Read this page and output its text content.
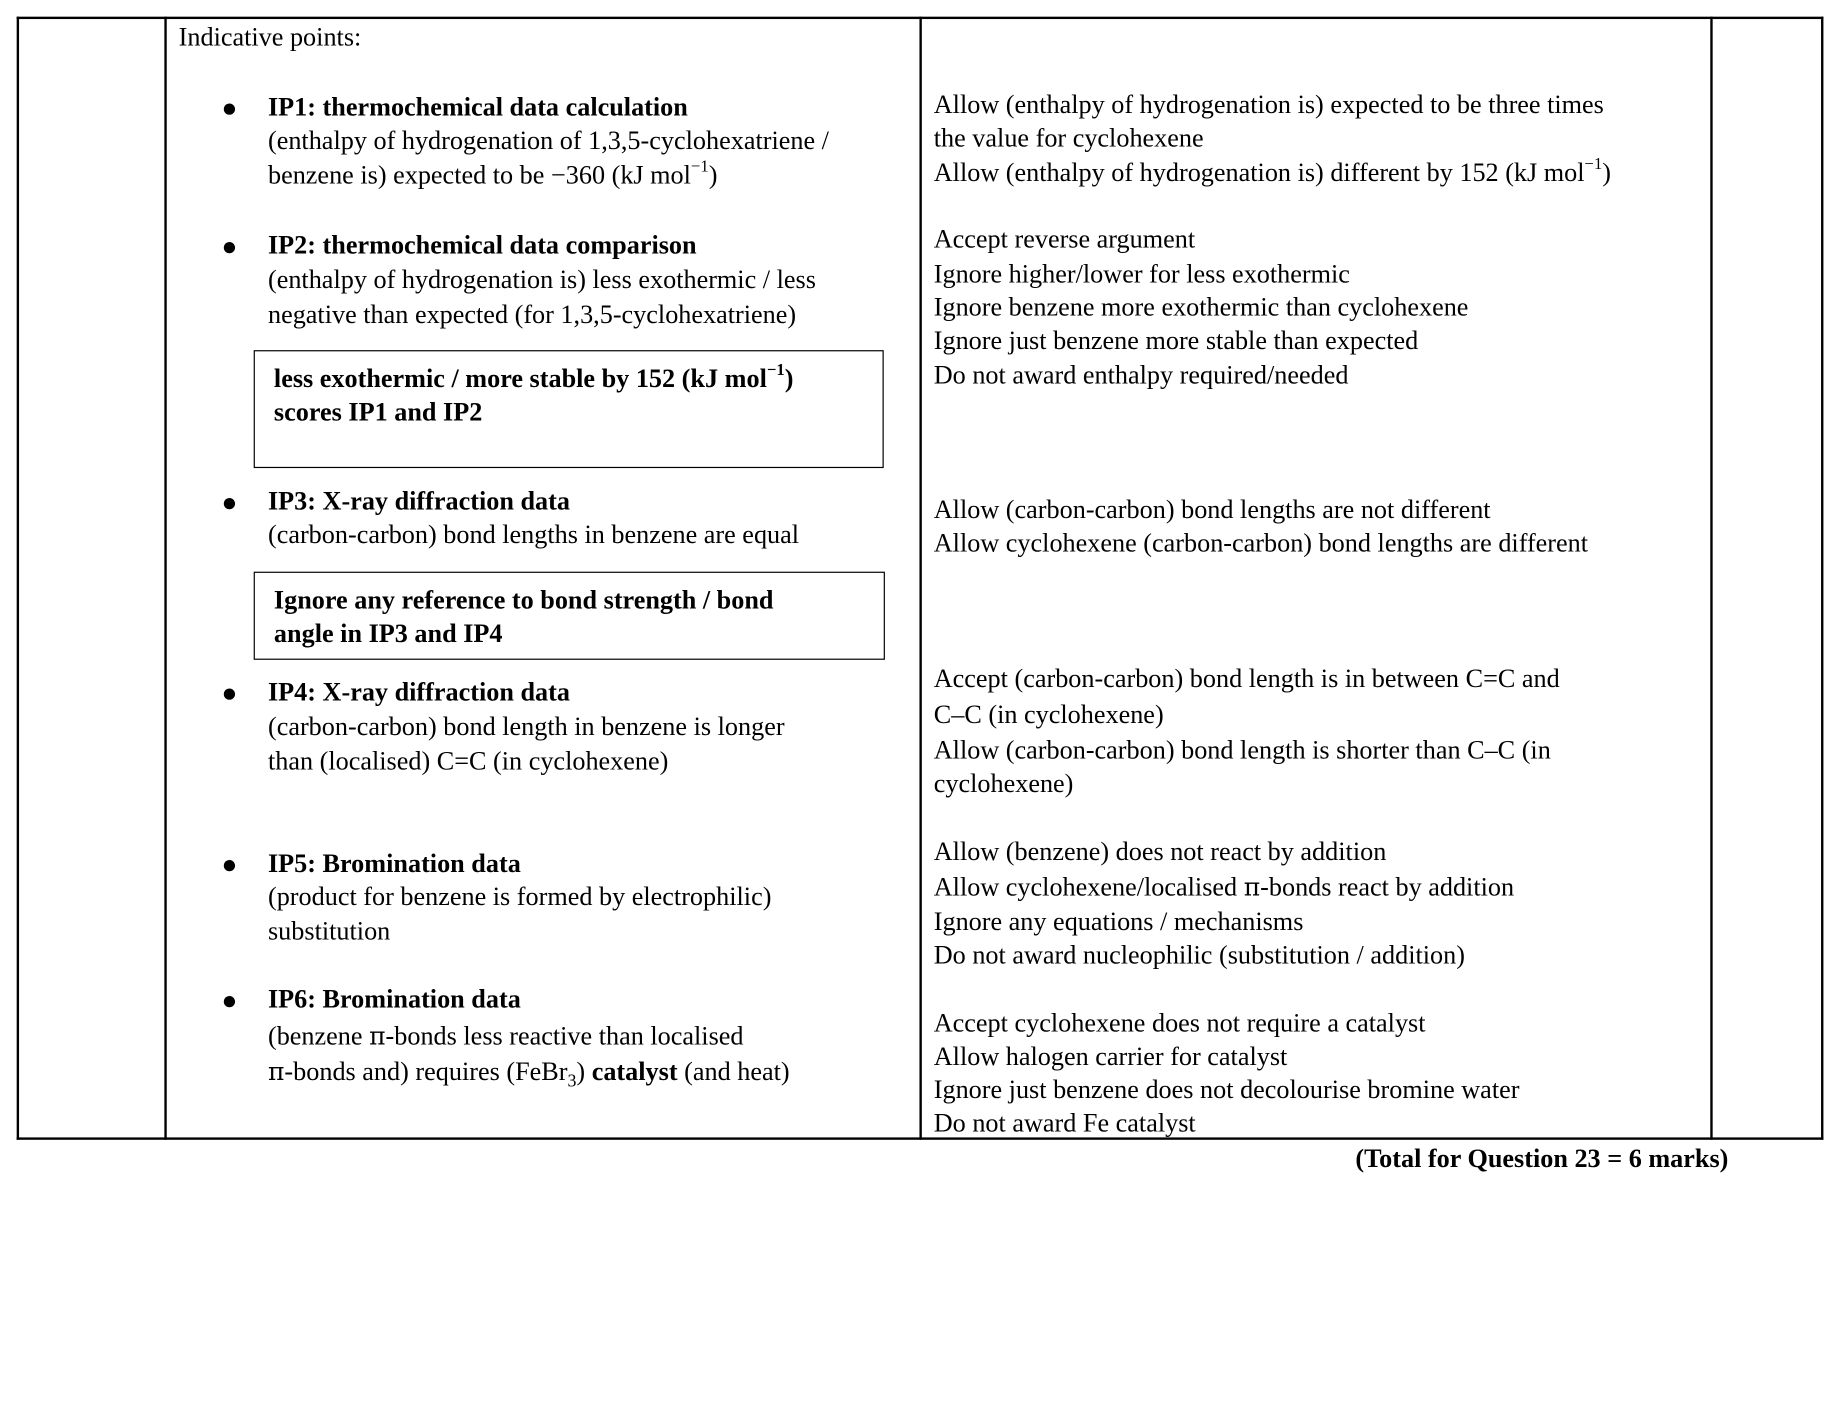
Indicative points:
● IP1: thermochemical data calculation
(enthalpy of hydrogenation of 1,3,5-cyclohexatriene /
benzene is) expected to be −360 (kJ mol$^{-1}$)
● IP2: thermochemical data comparison
(enthalpy of hydrogenation is) less exothermic / less
negative than expected (for 1,3,5-cyclohexatriene)
less exothermic / more stable by 152 (kJ mol$^{-1}$)
scores IP1 and IP2
● IP3: X-ray diffraction data
(carbon-carbon) bond lengths in benzene are equal
Ignore any reference to bond strength / bond
angle in IP3 and IP4
● IP4: X-ray diffraction data
(carbon-carbon) bond length in benzene is longer
than (localised) C=C (in cyclohexene)
● IP5: Bromination data
(product for benzene is formed by electrophilic)
substitution
● IP6: Bromination data
(benzene π-bonds less reactive than localised
π-bonds and) requires (FeBr$_3$) catalyst (and heat)
Allow (enthalpy of hydrogenation is) expected to be three times
the value for cyclohexene
Allow (enthalpy of hydrogenation is) different by 152 (kJ mol$^{-1}$)
Accept reverse argument
Ignore higher/lower for less exothermic
Ignore benzene more exothermic than cyclohexene
Ignore just benzene more stable than expected
Do not award enthalpy required/needed
Allow (carbon-carbon) bond lengths are not different
Allow cyclohexene (carbon-carbon) bond lengths are different
Accept (carbon-carbon) bond length is in between C=C and
C–C (in cyclohexene)
Allow (carbon-carbon) bond length is shorter than C–C (in
cyclohexene)
Allow (benzene) does not react by addition
Allow cyclohexene/localised π-bonds react by addition
Ignore any equations / mechanisms
Do not award nucleophilic (substitution / addition)
Accept cyclohexene does not require a catalyst
Allow halogen carrier for catalyst
Ignore just benzene does not decolourise bromine water
Do not award Fe catalyst
(Total for Question 23 = 6 marks)
